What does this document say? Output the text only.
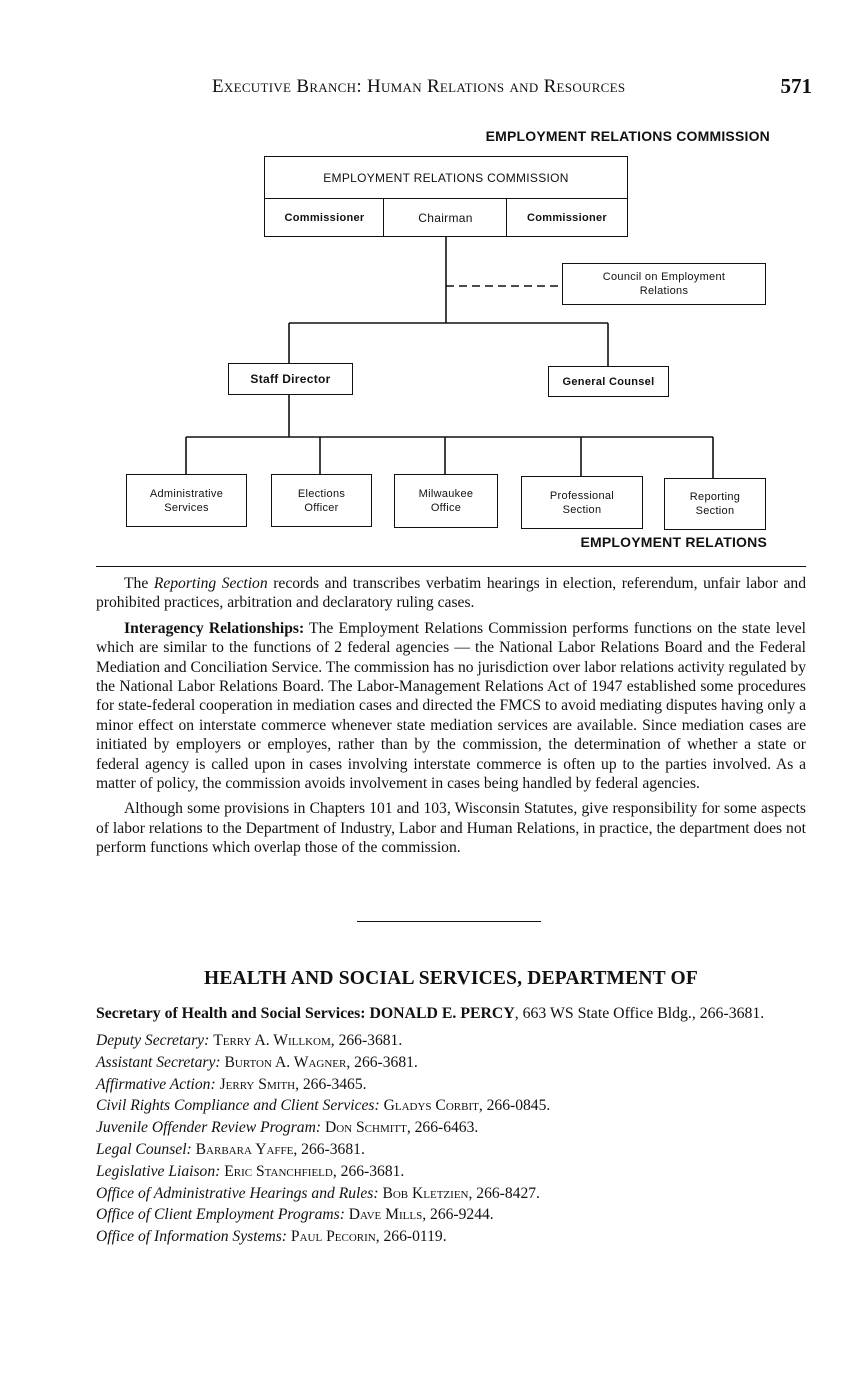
Executive Branch: Human Relations and Resources	571
EMPLOYMENT RELATIONS COMMISSION
EMPLOYMENT RELATIONS COMMISSION
Commissioner	Chairman	Commissioner
Council on Employment Relations
Staff Director	General Counsel
Administrative Services
Elections Officer
Milwaukee Office
Professional Section
Reporting Section
EMPLOYMENT RELATIONS

The Reporting Section records and transcribes verbatim hearings in election, referendum, unfair labor and prohibited practices, arbitration and declaratory ruling cases.

Interagency Relationships: The Employment Relations Commission performs functions on the state level which are similar to the functions of 2 federal agencies — the National Labor Relations Board and the Federal Mediation and Conciliation Service. The commission has no jurisdiction over labor relations activity regulated by the National Labor Relations Board. The Labor-Management Relations Act of 1947 established some procedures for state-federal cooperation in mediation cases and directed the FMCS to avoid mediating disputes having only a minor effect on interstate commerce whenever state mediation services are available. Since mediation cases are initiated by employers or employes, rather than by the commission, the determination of whether a state or federal agency is called upon in cases involving interstate commerce is often up to the parties involved. As a matter of policy, the commission avoids involvement in cases being handled by federal agencies.

Although some provisions in Chapters 101 and 103, Wisconsin Statutes, give responsibility for some aspects of labor relations to the Department of Industry, Labor and Human Relations, in practice, the department does not perform functions which overlap those of the commission.

HEALTH AND SOCIAL SERVICES, DEPARTMENT OF
Secretary of Health and Social Services: DONALD E. PERCY, 663 WS State Office Bldg., 266-3681.
Deputy Secretary: Terry A. Willkom, 266-3681.
Assistant Secretary: Burton A. Wagner, 266-3681.
Affirmative Action: Jerry Smith, 266-3465.
Civil Rights Compliance and Client Services: Gladys Corbit, 266-0845.
Juvenile Offender Review Program: Don Schmitt, 266-6463.
Legal Counsel: Barbara Yaffe, 266-3681.
Legislative Liaison: Eric Stanchfield, 266-3681.
Office of Administrative Hearings and Rules: Bob Kletzien, 266-8427.
Office of Client Employment Programs: Dave Mills, 266-9244.
Office of Information Systems: Paul Pecorin, 266-0119.
